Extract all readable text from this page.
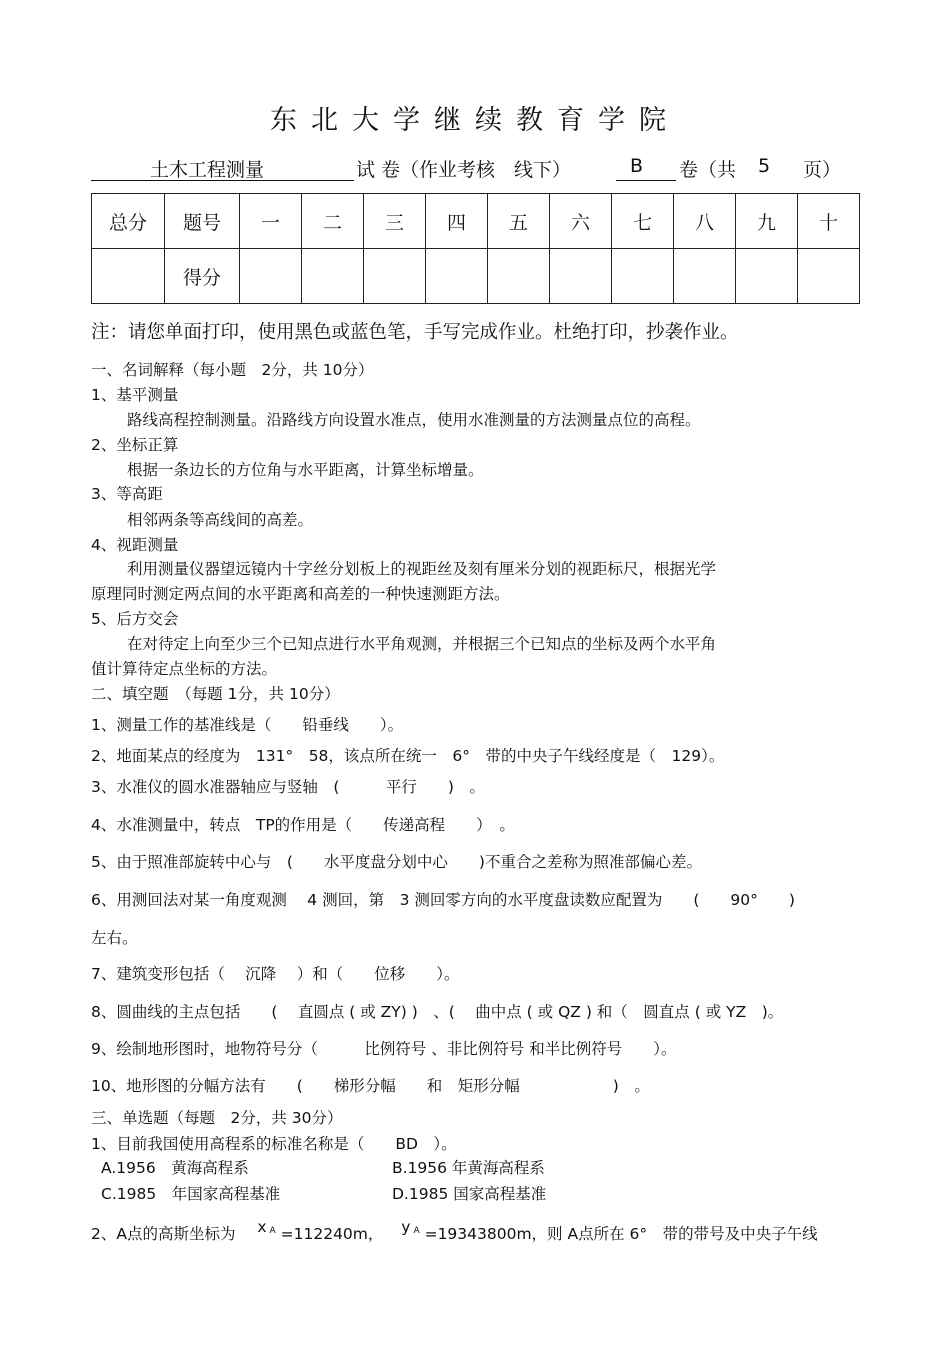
东北大学继续教育学院
土木工程测量	试 卷（作业考核　线下）	B 卷（共 5 页）
总分	题号	一	二	三	四	五	六	七	八	九	十
	得分										
注：请您单面打印，使用黑色或蓝色笔，手写完成作业。杜绝打印，抄袭作业。
一、名词解释（每小题　2分，共 10分）
1、基平测量
路线高程控制测量。沿路线方向设置水准点，使用水准测量的方法测量点位的高程。
2、坐标正算
根据一条边长的方位角与水平距离，计算坐标增量。
3、等高距
相邻两条等高线间的高差。
4、视距测量
利用测量仪器望远镜内十字丝分划板上的视距丝及刻有厘米分划的视距标尺，根据光学
原理同时测定两点间的水平距离和高差的一种快速测距方法。
5、后方交会
在对待定上向至少三个已知点进行水平角观测，并根据三个已知点的坐标及两个水平角
值计算待定点坐标的方法。
二、填空题　（每题 1分，共 10分）
1、测量工作的基准线是（　　铅垂线　　）。
2、地面某点的经度为　131°　58，该点所在统一　6°　带的中央子午线经度是（　129）。
3、水准仪的圆水准器轴应与竖轴　(　　　平行　　)　。
4、水准测量中，转点　TP的作用是（　　传递高程　　）　。
5、由于照准部旋转中心与　(　　水平度盘分划中心　　)不重合之差称为照准部偏心差。
6、用测回法对某一角度观测　 4 测回，第　3 测回零方向的水平度盘读数应配置为　　(　　90°　　)
左右。
7、建筑变形包括（　 沉降　 ）和（　　位移　　）。
8、圆曲线的主点包括　　(　 直圆点 ( 或 ZY) )　、(　 曲中点 ( 或 QZ ) 和（　圆直点 ( 或 YZ　)。
9、绘制地形图时，地物符号分（　　　比例符号 、非比例符号 和半比例符号　　）。
10、地形图的分幅方法有　　(　　梯形分幅　　和　矩形分幅　　　　　　)　。
三、单选题（每题　2分，共 30分）
1、目前我国使用高程系的标准名称是（　　BD　）。
A.1956　黄海高程系	B.1956 年黄海高程系
C.1985　年国家高程基准	D.1985 国家高程基准
2、A点的高斯坐标为 x $^A$ =112240m， y $^A$ =19343800m，则 A点所在 6°　带的带号及中央子午线
